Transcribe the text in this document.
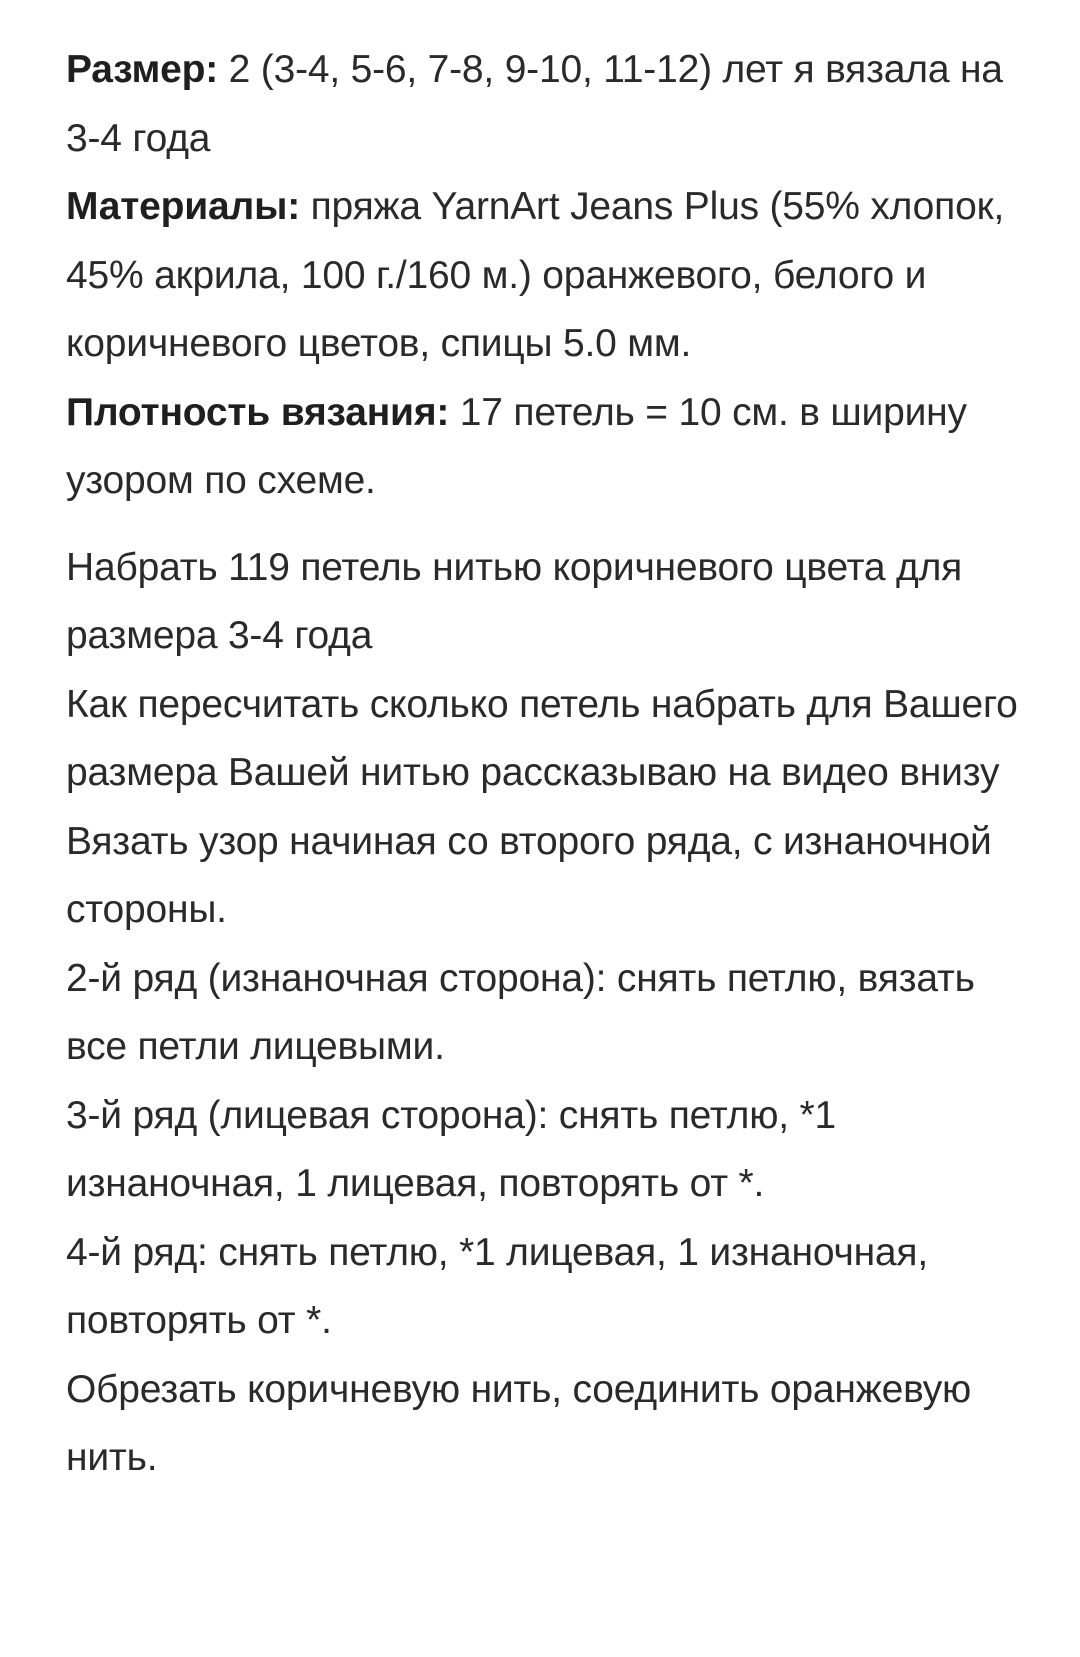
Размер: 2 (3-4, 5-6, 7-8, 9-10, 11-12) лет я вязала на 3-4 года

Материалы: пряжа YarnArt Jeans Plus (55% хлопок, 45% акрила, 100 г./160 м.) оранжевого, белого и коричневого цветов, спицы 5.0 мм.

Плотность вязания: 17 петель = 10 см. в ширину узором по схеме.

Набрать 119 петель нитью коричневого цвета для размера 3-4 года

Как пересчитать сколько петель набрать для Вашего размера Вашей нитью рассказываю на видео внизу

Вязать узор начиная со второго ряда, с изнаночной стороны.

2-й ряд (изнаночная сторона): снять петлю, вязать все петли лицевыми.

3-й ряд (лицевая сторона): снять петлю, *1 изнаночная, 1 лицевая, повторять от *.

4-й ряд: снять петлю, *1 лицевая, 1 изнаночная, повторять от *.

Обрезать коричневую нить, соединить оранжевую нить.
